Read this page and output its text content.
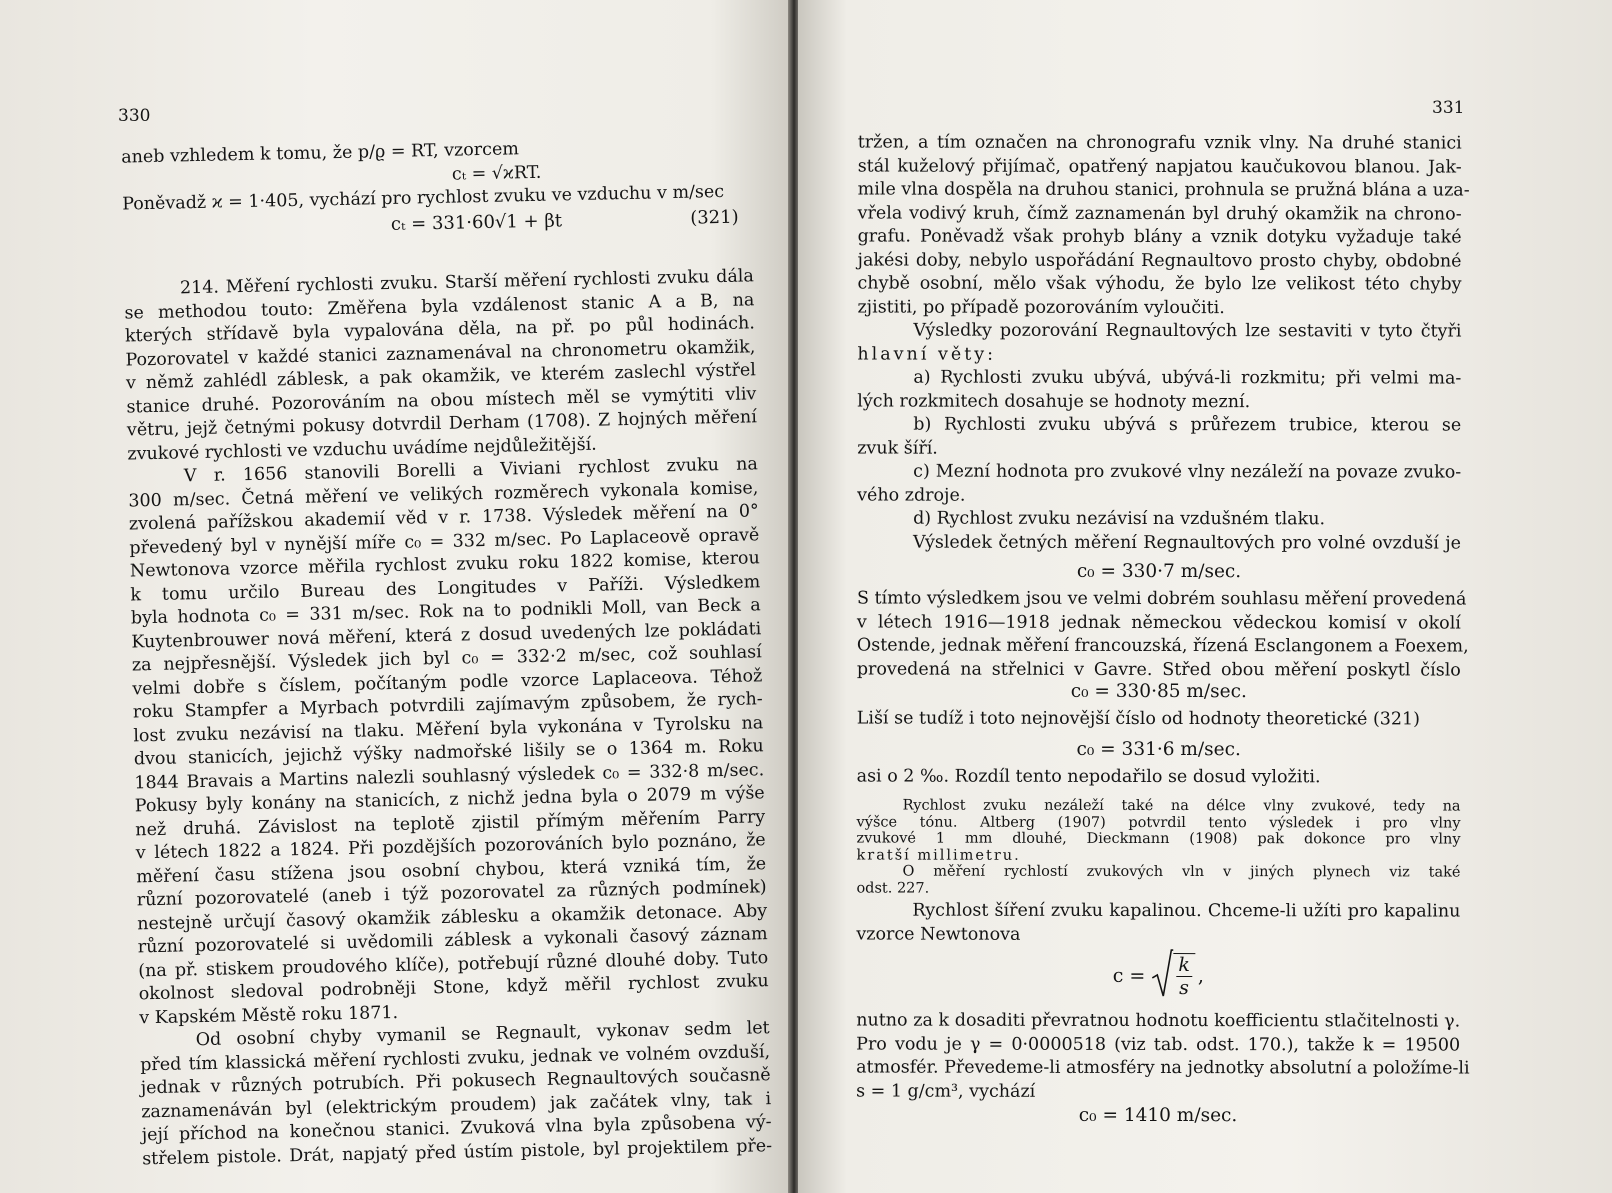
330
aneb vzhledem k tomu, že p/ϱ = RT, vzorcem
cₜ = √ϰRT.
Poněvadž ϰ = 1·405, vychází pro rychlost zvuku ve vzduchu v m/sec
cₜ = 331·60√1 + βt	(321)
214. Měření rychlosti zvuku. Starší měření rychlosti zvuku dála
se methodou touto: Změřena byla vzdálenost stanic A a B, na
kterých střídavě byla vypalována děla, na př. po půl hodinách.
Pozorovatel v každé stanici zaznamenával na chronometru okamžik,
v němž zahlédl záblesk, a pak okamžik, ve kterém zaslechl výstřel
stanice druhé. Pozorováním na obou místech měl se vymýtiti vliv
větru, jejž četnými pokusy dotvrdil Derham (1708). Z hojných měření
zvukové rychlosti ve vzduchu uvádíme nejdůležitější.
V r. 1656 stanovili Borelli a Viviani rychlost zvuku na
300 m/sec. Četná měření ve velikých rozměrech vykonala komise,
zvolená pařížskou akademií věd v r. 1738. Výsledek měření na 0°
převedený byl v nynější míře c₀ = 332 m/sec. Po Laplaceově opravě
Newtonova vzorce měřila rychlost zvuku roku 1822 komise, kterou
k tomu určilo Bureau des Longitudes v Paříži. Výsledkem
byla hodnota c₀ = 331 m/sec. Rok na to podnikli Moll, van Beck a
Kuytenbrouwer nová měření, která z dosud uvedených lze pokládati
za nejpřesnější. Výsledek jich byl c₀ = 332·2 m/sec, což souhlasí
velmi dobře s číslem, počítaným podle vzorce Laplaceova. Téhož
roku Stampfer a Myrbach potvrdili zajímavým způsobem, že rych-
lost zvuku nezávisí na tlaku. Měření byla vykonána v Tyrolsku na
dvou stanicích, jejichž výšky nadmořské lišily se o 1364 m. Roku
1844 Bravais a Martins nalezli souhlasný výsledek c₀ = 332·8 m/sec.
Pokusy byly konány na stanicích, z nichž jedna byla o 2079 m výše
než druhá. Závislost na teplotě zjistil přímým měřením Parry
v létech 1822 a 1824. Při pozdějších pozorováních bylo poznáno, že
měření času stížena jsou osobní chybou, která vzniká tím, že
různí pozorovatelé (aneb i týž pozorovatel za různých podmínek)
nestejně určují časový okamžik záblesku a okamžik detonace. Aby
různí pozorovatelé si uvědomili záblesk a vykonali časový záznam
(na př. stiskem proudového klíče), potřebují různé dlouhé doby. Tuto
okolnost sledoval podrobněji Stone, když měřil rychlost zvuku
v Kapském Městě roku 1871.
Od osobní chyby vymanil se Regnault, vykonav sedm let
před tím klassická měření rychlosti zvuku, jednak ve volném ovzduší,
jednak v různých potrubích. Při pokusech Regnaultových současně
zaznamenáván byl (elektrickým proudem) jak začátek vlny, tak i
její příchod na konečnou stanici. Zvuková vlna byla způsobena vý-
střelem pistole. Drát, napjatý před ústím pistole, byl projektilem pře-
331
tržen, a tím označen na chronografu vznik vlny. Na druhé stanici
stál kuželový přijímač, opatřený napjatou kaučukovou blanou. Jak-
mile vlna dospěla na druhou stanici, prohnula se pružná blána a uza-
vřela vodivý kruh, čímž zaznamenán byl druhý okamžik na chrono-
grafu. Poněvadž však prohyb blány a vznik dotyku vyžaduje také
jakési doby, nebylo uspořádání Regnaultovo prosto chyby, obdobné
chybě osobní, mělo však výhodu, že bylo lze velikost této chyby
zjistiti, po případě pozorováním vyloučiti.
Výsledky pozorování Regnaultových lze sestaviti v tyto čtyři
hlavní věty:
a) Rychlosti zvuku ubývá, ubývá-li rozkmitu; při velmi ma-
lých rozkmitech dosahuje se hodnoty mezní.
b) Rychlosti zvuku ubývá s průřezem trubice, kterou se
zvuk šíří.
c) Mezní hodnota pro zvukové vlny nezáleží na povaze zvuko-
vého zdroje.
d) Rychlost zvuku nezávisí na vzdušném tlaku.
Výsledek četných měření Regnaultových pro volné ovzduší je
c₀ = 330·7 m/sec.
S tímto výsledkem jsou ve velmi dobrém souhlasu měření provedená
v létech 1916—1918 jednak německou vědeckou komisí v okolí
Ostende, jednak měření francouzská, řízená Esclangonem a Foexem,
provedená na střelnici v Gavre. Střed obou měření poskytl číslo
c₀ = 330·85 m/sec.
Liší se tudíž i toto nejnovější číslo od hodnoty theoretické (321)
c₀ = 331·6 m/sec.
asi o 2 ‰. Rozdíl tento nepodařilo se dosud vyložiti.
Rychlost zvuku nezáleží také na délce vlny zvukové, tedy na
výšce tónu. Altberg (1907) potvrdil tento výsledek i pro vlny
zvukové 1 mm dlouhé, Dieckmann (1908) pak dokonce pro vlny
kratší millimetru.
O měření rychlostí zvukových vln v jiných plynech viz také
odst. 227.
Rychlost šíření zvuku kapalinou. Chceme-li užíti pro kapalinu
vzorce Newtonova
$c = \frac{k}{s}$ ,
nutno za k dosaditi převratnou hodnotu koefficientu stlačitelnosti γ.
Pro vodu je γ = 0·0000518 (viz tab. odst. 170.), takže k = 19500
atmosfér. Převedeme-li atmosféry na jednotky absolutní a položíme-li
s = 1 g/cm³, vychází
c₀ = 1410 m/sec.
